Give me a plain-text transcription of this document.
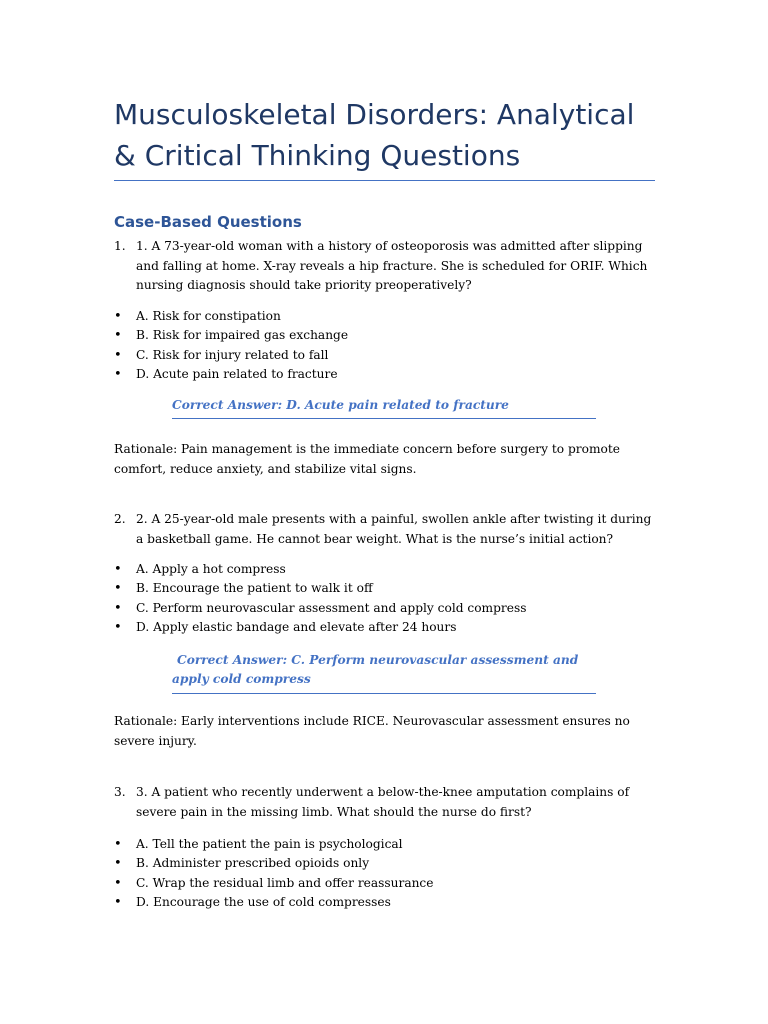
Musculoskeletal Disorders: Analytical & Critical Thinking Questions
Case-Based Questions
1. 1. A 73-year-old woman with a history of osteoporosis was admitted after slipping and falling at home. X-ray reveals a hip fracture. She is scheduled for ORIF. Which nursing diagnosis should take priority preoperatively?
• A. Risk for constipation
• B. Risk for impaired gas exchange
• C. Risk for injury related to fall
• D. Acute pain related to fracture
Correct Answer: D. Acute pain related to fracture
Rationale: Pain management is the immediate concern before surgery to promote comfort, reduce anxiety, and stabilize vital signs.
2. 2. A 25-year-old male presents with a painful, swollen ankle after twisting it during a basketball game. He cannot bear weight. What is the nurse’s initial action?
• A. Apply a hot compress
• B. Encourage the patient to walk it off
• C. Perform neurovascular assessment and apply cold compress
• D. Apply elastic bandage and elevate after 24 hours
Correct Answer: C. Perform neurovascular assessment and apply cold compress
Rationale: Early interventions include RICE. Neurovascular assessment ensures no severe injury.
3. 3. A patient who recently underwent a below-the-knee amputation complains of severe pain in the missing limb. What should the nurse do first?
• A. Tell the patient the pain is psychological
• B. Administer prescribed opioids only
• C. Wrap the residual limb and offer reassurance
• D. Encourage the use of cold compresses
